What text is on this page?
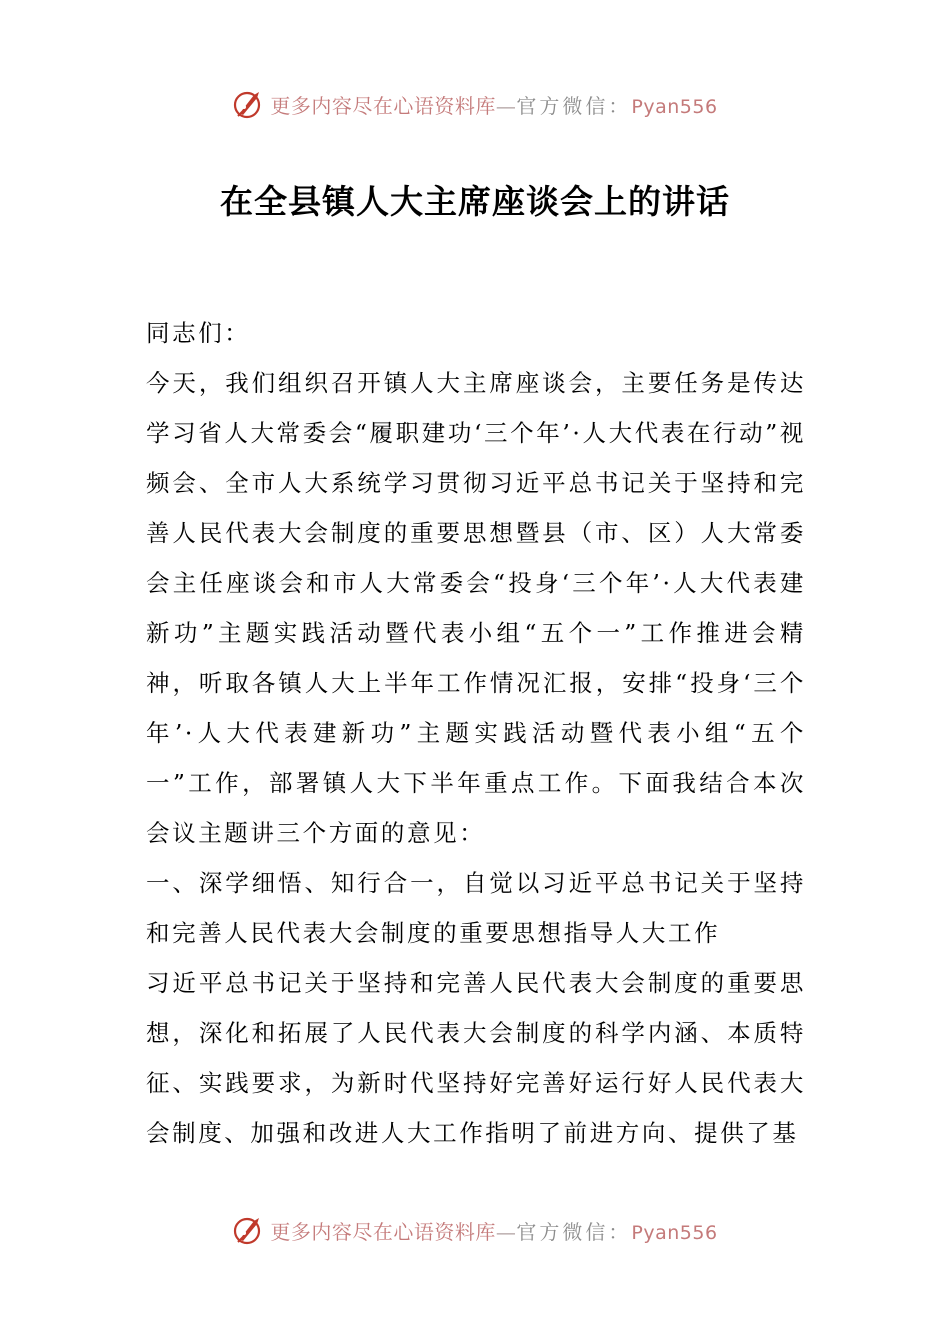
更多内容尽在心语资料库—官方微信：Pyan556
在全县镇人大主席座谈会上的讲话

同志们：

今天，我们组织召开镇人大主席座谈会，主要任务是传达学习省人大常委会“履职建功‘三个年’·人大代表在行动”视频会、全市人大系统学习贯彻习近平总书记关于坚持和完善人民代表大会制度的重要思想暨县（市、区）人大常委会主任座谈会和市人大常委会“投身‘三个年’·人大代表建新功”主题实践活动暨代表小组“五个一”工作推进会精神，听取各镇人大上半年工作情况汇报，安排“投身‘三个年’·人大代表建新功”主题实践活动暨代表小组“五个一”工作，部署镇人大下半年重点工作。下面我结合本次会议主题讲三个方面的意见：

一、深学细悟、知行合一，自觉以习近平总书记关于坚持和完善人民代表大会制度的重要思想指导人大工作

习近平总书记关于坚持和完善人民代表大会制度的重要思想，深化和拓展了人民代表大会制度的科学内涵、本质特征、实践要求，为新时代坚持好完善好运行好人民代表大会制度、加强和改进人大工作指明了前进方向、提供了基

更多内容尽在心语资料库—官方微信：Pyan556
